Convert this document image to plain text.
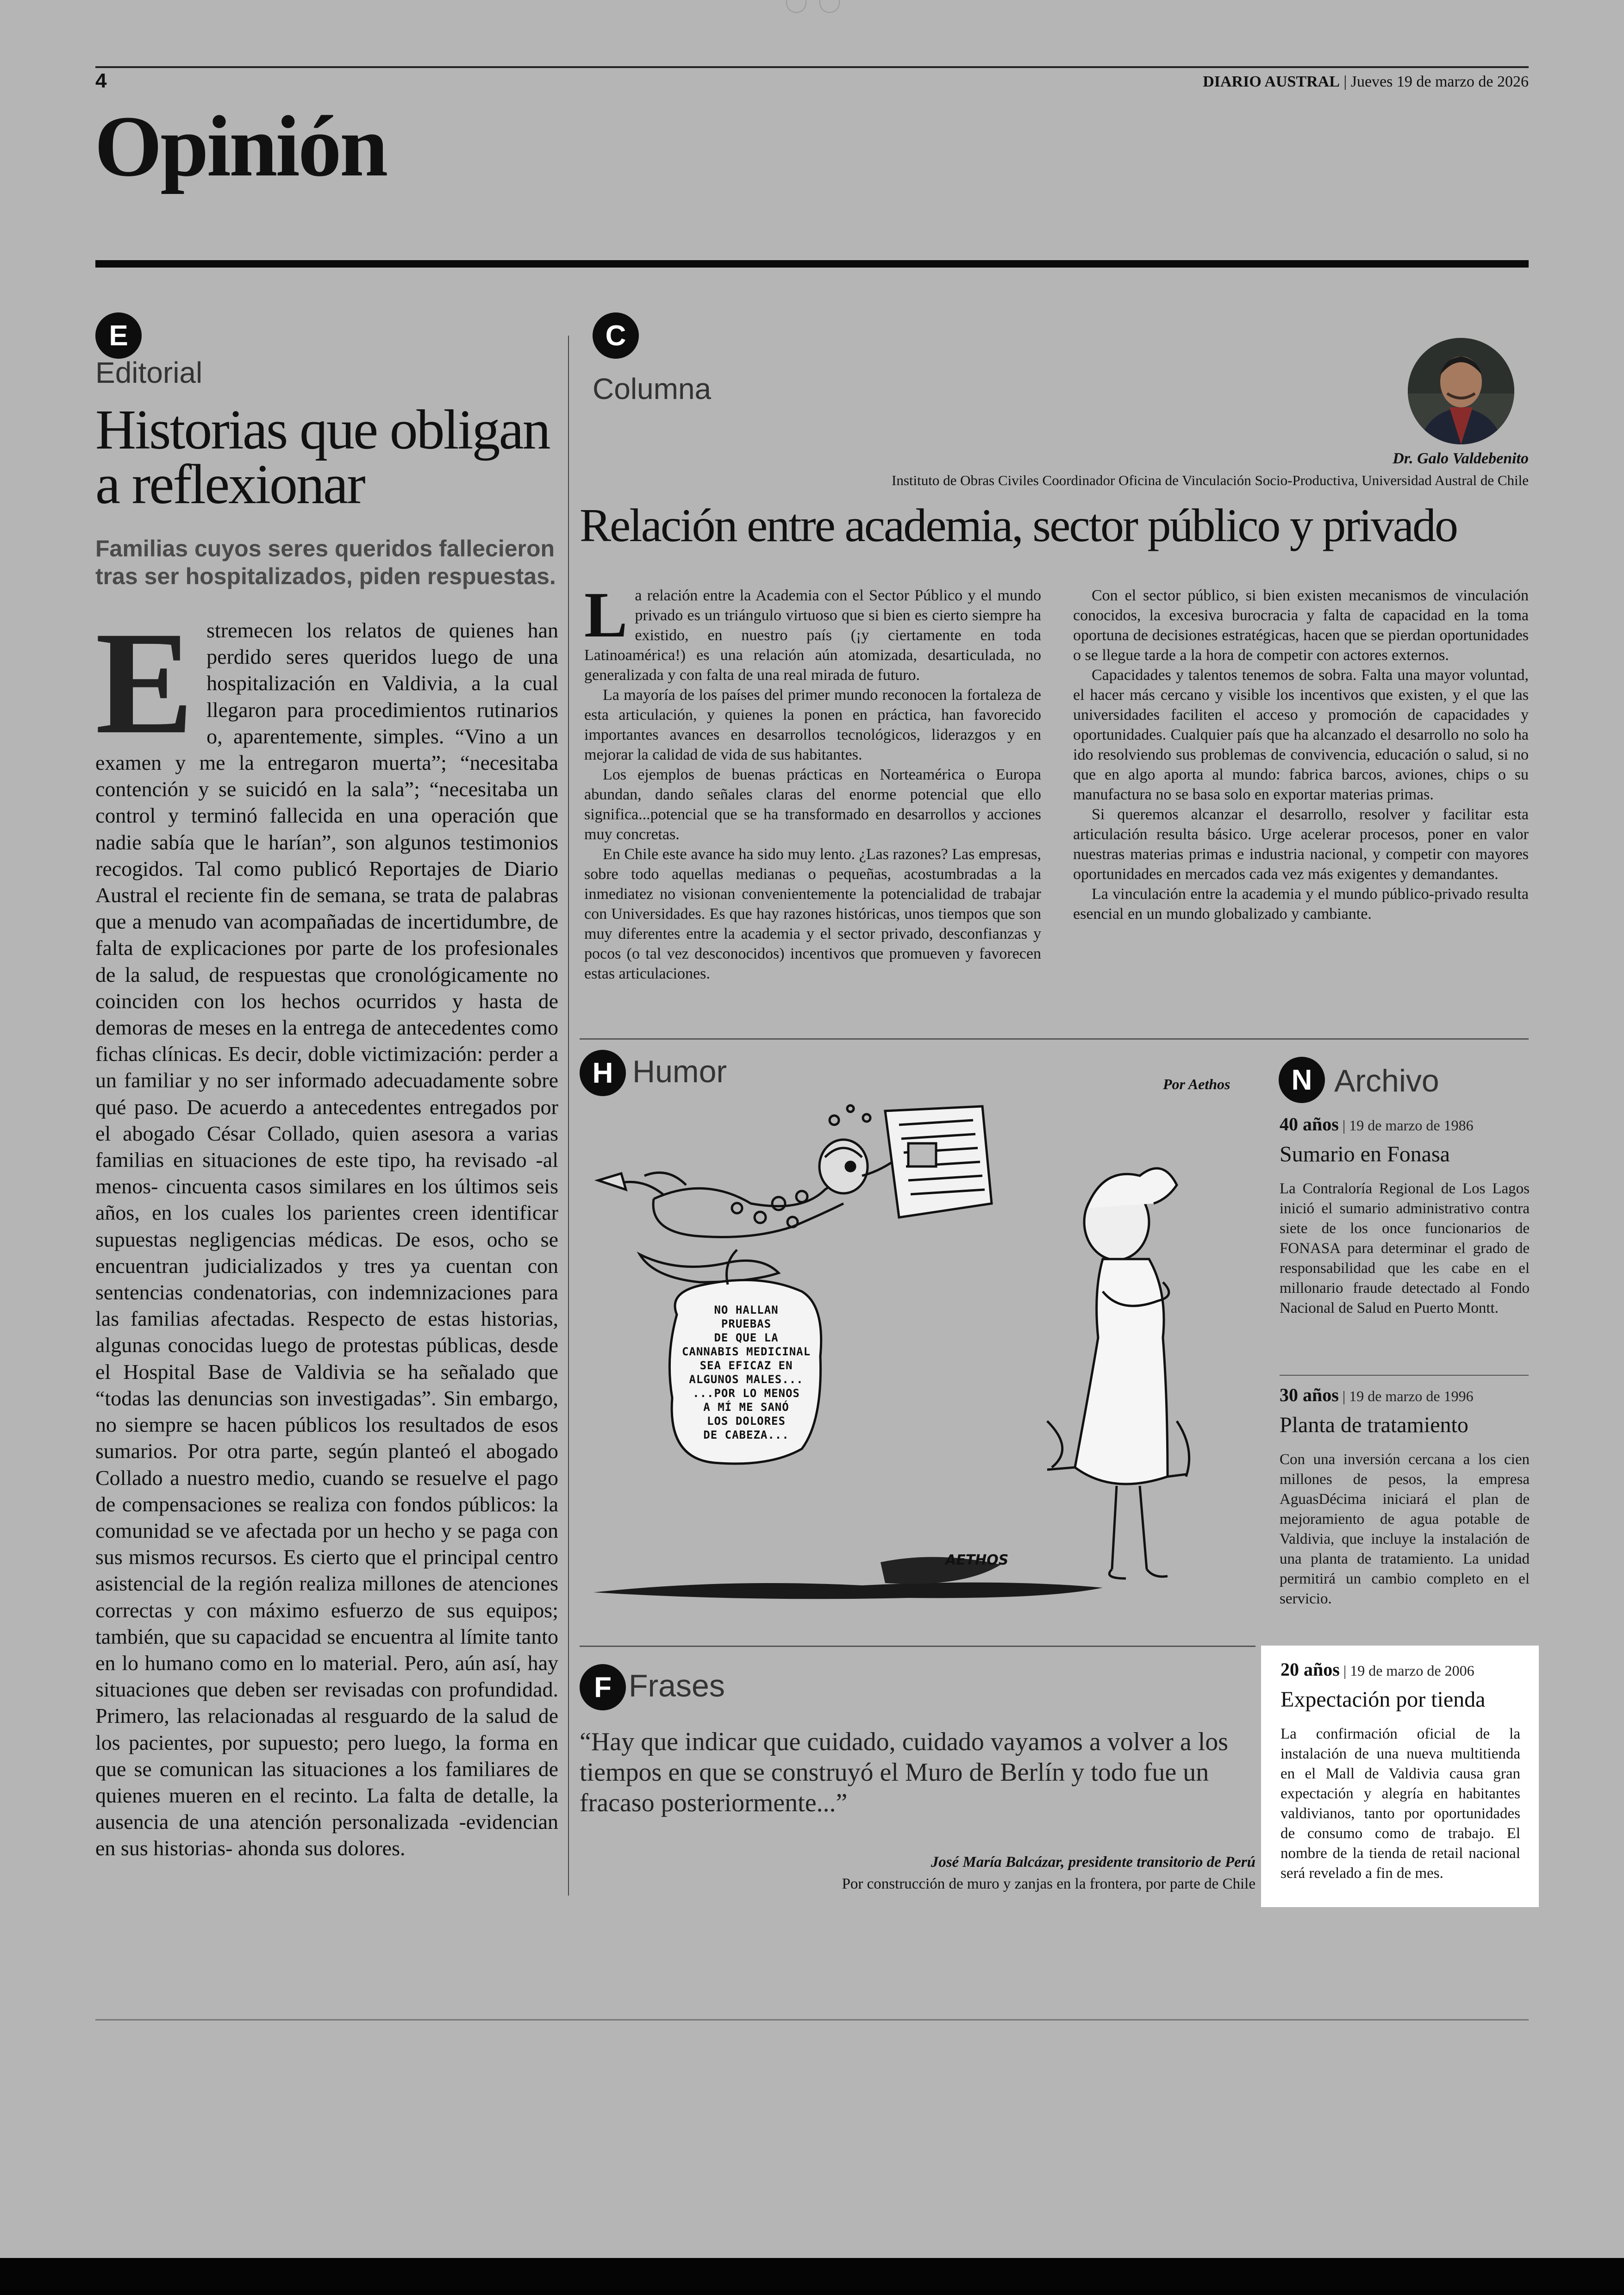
4	DIARIO AUSTRAL | Jueves 19 de marzo de 2026
Opinión
E
Editorial
Historias que obligan a reflexionar
Familias cuyos seres queridos fallecieron tras ser hospitalizados, piden respuestas.
Estremecen los relatos de quienes han perdido seres queridos luego de una hospitalización en Valdivia, a la cual llegaron para procedimientos rutinarios o, aparentemente, simples. “Vino a un examen y me la entregaron muerta”; “necesitaba contención y se suicidó en la sala”; “necesitaba un control y terminó fallecida en una operación que nadie sabía que le harían”, son algunos testimonios recogidos. Tal como publicó Reportajes de Diario Austral el reciente fin de semana, se trata de palabras que a menudo van acompañadas de incertidumbre, de falta de explicaciones por parte de los profesionales de la salud, de respuestas que cronológicamente no coinciden con los hechos ocurridos y hasta de demoras de meses en la entrega de antecedentes como fichas clínicas. Es decir, doble victimización: perder a un familiar y no ser informado adecuadamente sobre qué paso. De acuerdo a antecedentes entregados por el abogado César Collado, quien asesora a varias familias en situaciones de este tipo, ha revisado -al menos- cincuenta casos similares en los últimos seis años, en los cuales los parientes creen identificar supuestas negligencias médicas. De esos, ocho se encuentran judicializados y tres ya cuentan con sentencias condenatorias, con indemnizaciones para las familias afectadas. Respecto de estas historias, algunas conocidas luego de protestas públicas, desde el Hospital Base de Valdivia se ha señalado que “todas las denuncias son investigadas”. Sin embargo, no siempre se hacen públicos los resultados de esos sumarios. Por otra parte, según planteó el abogado Collado a nuestro medio, cuando se resuelve el pago de compensaciones se realiza con fondos públicos: la comunidad se ve afectada por un hecho y se paga con sus mismos recursos. Es cierto que el principal centro asistencial de la región realiza millones de atenciones correctas y con máximo esfuerzo de sus equipos; también, que su capacidad se encuentra al límite tanto en lo humano como en lo material. Pero, aún así, hay situaciones que deben ser revisadas con profundidad. Primero, las relacionadas al resguardo de la salud de los pacientes, por supuesto; pero luego, la forma en que se comunican las situaciones a los familiares de quienes mueren en el recinto. La falta de detalle, la ausencia de una atención personalizada -evidencian en sus historias- ahonda sus dolores.
C
Columna
Dr. Galo Valdebenito
Instituto de Obras Civiles Coordinador Oficina de Vinculación Socio-Productiva, Universidad Austral de Chile
Relación entre academia, sector público y privado

La relación entre la Academia con el Sector Público y el mundo privado es un triángulo virtuoso que si bien es cierto siempre ha existido, en nuestro país (¡y ciertamente en toda Latinoamérica!) es una relación aún atomizada, desarticulada, no generalizada y con falta de una real mirada de futuro.

La mayoría de los países del primer mundo reconocen la fortaleza de esta articulación, y quienes la ponen en práctica, han favorecido importantes avances en desarrollos tecnológicos, liderazgos y en mejorar la calidad de vida de sus habitantes.

Los ejemplos de buenas prácticas en Norteamérica o Europa abundan, dando señales claras del enorme potencial que ello significa...potencial que se ha transformado en desarrollos y acciones muy concretas.

En Chile este avance ha sido muy lento. ¿Las razones? Las empresas, sobre todo aquellas medianas o pequeñas, acostumbradas a la inmediatez no visionan convenientemente la potencialidad de trabajar con Universidades. Es que hay razones históricas, unos tiempos que son muy diferentes entre la academia y el sector privado, desconfianzas y pocos (o tal vez desconocidos) incentivos que promueven y favorecen estas articulaciones.

Con el sector público, si bien existen mecanismos de vinculación conocidos, la excesiva burocracia y falta de capacidad en la toma oportuna de decisiones estratégicas, hacen que se pierdan oportunidades o se llegue tarde a la hora de competir con actores externos.

Capacidades y talentos tenemos de sobra. Falta una mayor voluntad, el hacer más cercano y visible los incentivos que existen, y el que las universidades faciliten el acceso y promoción de capacidades y oportunidades. Cualquier país que ha alcanzado el desarrollo no solo ha ido resolviendo sus problemas de convivencia, educación o salud, si no que en algo aporta al mundo: fabrica barcos, aviones, chips o su manufactura no se basa solo en exportar materias primas.

Si queremos alcanzar el desarrollo, resolver y facilitar esta articulación resulta básico. Urge acelerar procesos, poner en valor nuestras materias primas e industria nacional, y competir con mayores oportunidades en mercados cada vez más exigentes y demandantes.

La vinculación entre la academia y el mundo público-privado resulta esencial en un mundo globalizado y cambiante.

H Humor	Por Aethos
AETHOS
NO HALLAN
PRUEBAS
DE QUE LA
CANNABIS MEDICINAL
SEA EFICAZ EN
ALGUNOS MALES...
...POR LO MENOS
A MÍ ME SANÓ
LOS DOLORES
DE CABEZA...
F Frases
“Hay que indicar que cuidado, cuidado vayamos a volver a los tiempos en que se construyó el Muro de Berlín y todo fue un fracaso posteriormente...”
José María Balcázar, presidente transitorio de Perú
Por construcción de muro y zanjas en la frontera, por parte de Chile
N Archivo
40 años | 19 de marzo de 1986
Sumario en Fonasa
La Contraloría Regional de Los Lagos inició el sumario administrativo contra siete de los once funcionarios de FONASA para determinar el grado de responsabilidad que les cabe en el millonario fraude detectado al Fondo Nacional de Salud en Puerto Montt.
30 años | 19 de marzo de 1996
Planta de tratamiento
Con una inversión cercana a los cien millones de pesos, la empresa AguasDécima iniciará el plan de mejoramiento de agua potable de Valdivia, que incluye la instalación de una planta de tratamiento. La unidad permitirá un cambio completo en el servicio.
20 años | 19 de marzo de 2006
Expectación por tienda
La confirmación oficial de la instalación de una nueva multitienda en el Mall de Valdivia causa gran expectación y alegría en habitantes valdivianos, tanto por oportunidades de consumo como de trabajo. El nombre de la tienda de retail nacional será revelado a fin de mes.
